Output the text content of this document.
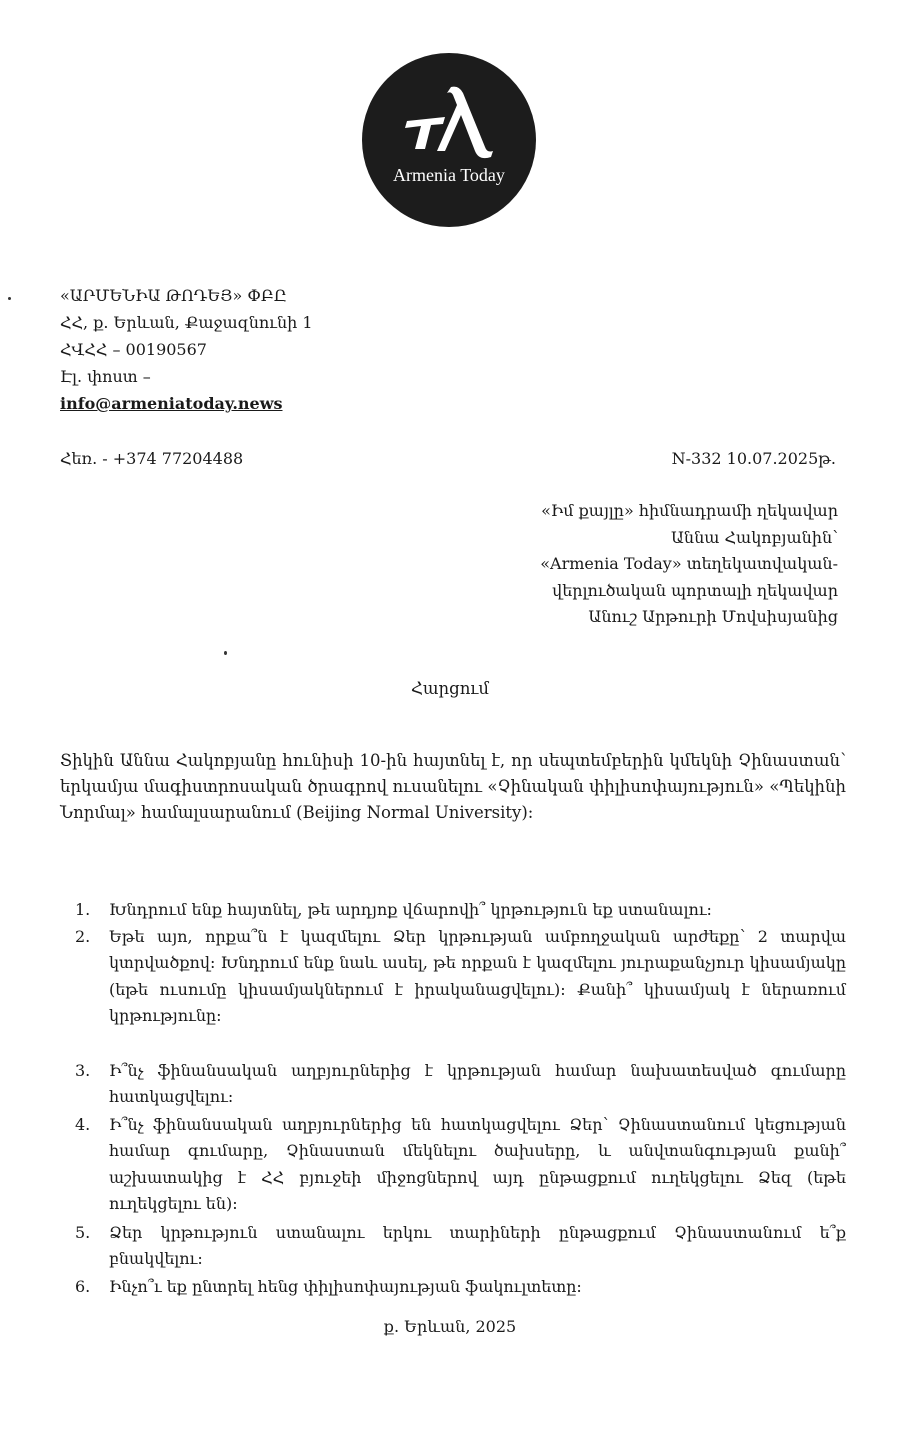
Armenia Today
«ԱՐՄԵՆԻԱ ԹՈԴԵՅ» ՓԲԸ
ՀՀ, ք. Երևան, Քաջազնունի 1
ՀՎՀՀ – 00190567
Էլ. փոստ –
info@armeniatoday.news
Հեռ. - +374 77204488	N-332 10.07.2025թ.
«Իմ քայլը» հիմնադրամի ղեկավար
Աննա Հակոբյանին՝
«Armenia Today» տեղեկատվական-
վերլուծական պորտալի ղեկավար
Անուշ Արթուրի Մովսիսյանից
Հարցում
Տիկին Աննա Հակոբյանը հունիսի 10-ին հայտնել է, որ սեպտեմբերին կմեկնի Չինաստան՝ երկամյա մագիստրոսական ծրագրով ուսանելու «Չինական փիլիսոփայություն» «Պեկինի Նորմալ» համալսարանում (Beijing Normal University):
1. Խնդրում ենք հայտնել, թե արդյոք վճարովի՞ կրթություն եք ստանալու:
2. Եթե այո, որքա՞ն է կազմելու Ձեր կրթության ամբողջական արժեքը՝ 2 տարվա կտրվածքով: Խնդրում ենք նաև ասել, թե որքան է կազմելու յուրաքանչյուր կիսամյակը (եթե ուսումը կիսամյակներում է իրականացվելու): Քանի՞ կիսամյակ է ներառում կրթությունը:
3. Ի՞նչ ֆինանսական աղբյուրներից է կրթության համար նախատեսված գումարը հատկացվելու:
4. Ի՞նչ ֆինանսական աղբյուրներից են հատկացվելու Ձեր՝ Չինաստանում կեցության համար գումարը, Չինաստան մեկնելու ծախսերը, և անվտանգության քանի՞ աշխատակից է ՀՀ բյուջեի միջոցներով այդ ընթացքում ուղեկցելու Ձեզ (եթե ուղեկցելու են):
5. Ձեր կրթություն ստանալու երկու տարիների ընթացքում Չինաստանում ե՞ք բնակվելու:
6. Ինչո՞ւ եք ընտրել հենց փիլիսոփայության ֆակուլտետը:
ք. Երևան, 2025
